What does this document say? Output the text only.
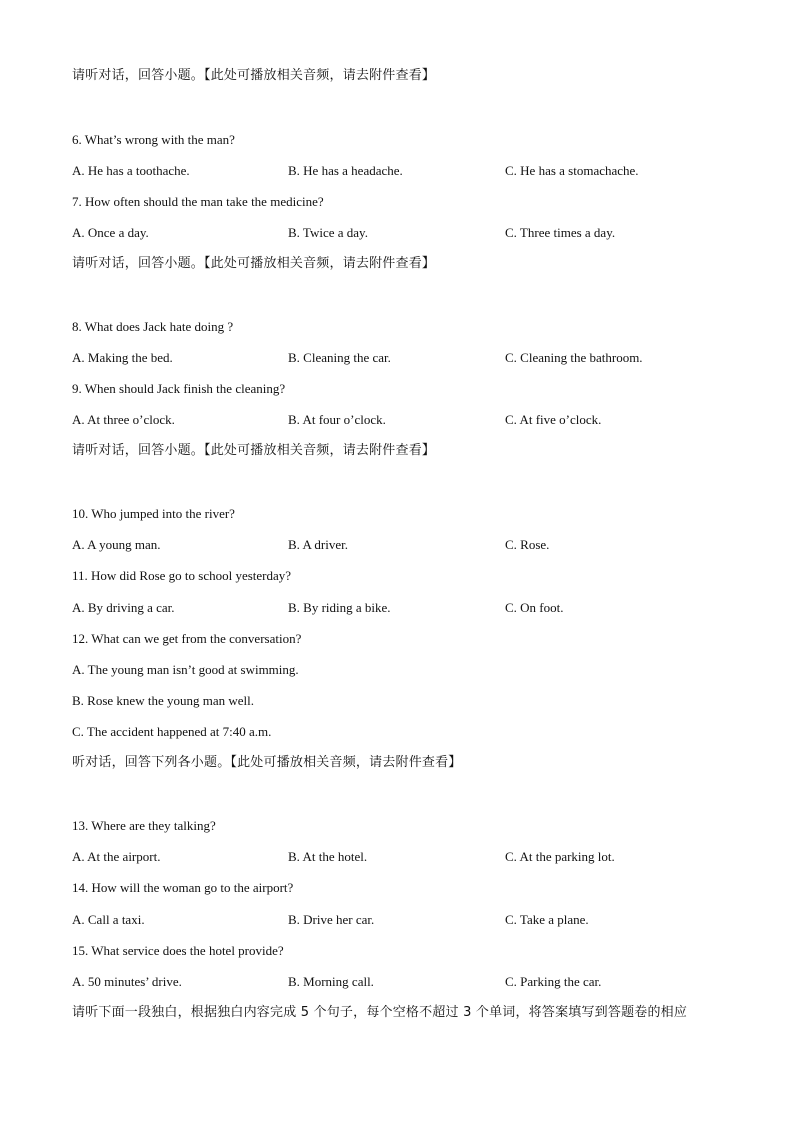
请听对话，回答小题。【此处可播放相关音频，请去附件查看】
6. What’s wrong with the man?
A. He has a toothache.	B. He has a headache.	C. He has a stomachache.
7. How often should the man take the medicine?
A. Once a day.	B. Twice a day.	C. Three times a day.
请听对话，回答小题。【此处可播放相关音频，请去附件查看】
8. What does Jack hate doing ?
A. Making the bed.	B. Cleaning the car.	C. Cleaning the bathroom.
9. When should Jack finish the cleaning?
A. At three o’clock.	B. At four o’clock.	C. At five o’clock.
请听对话，回答小题。【此处可播放相关音频，请去附件查看】
10. Who jumped into the river?
A. A young man.	B. A driver.	C. Rose.
11. How did Rose go to school yesterday?
A. By driving a car.	B. By riding a bike.	C. On foot.
12. What can we get from the conversation?
A. The young man isn’t good at swimming.
B. Rose knew the young man well.
C. The accident happened at 7:40 a.m.
听对话，回答下列各小题。【此处可播放相关音频，请去附件查看】
13. Where are they talking?
A. At the airport.	B. At the hotel.	C. At the parking lot.
14. How will the woman go to the airport?
A. Call a taxi.	B. Drive her car.	C. Take a plane.
15. What service does the hotel provide?
A. 50 minutes’ drive.	B. Morning call.	C. Parking the car.
请听下面一段独白，根据独白内容完成 5 个句子，每个空格不超过 3 个单词，将答案填写到答题卷的相应
